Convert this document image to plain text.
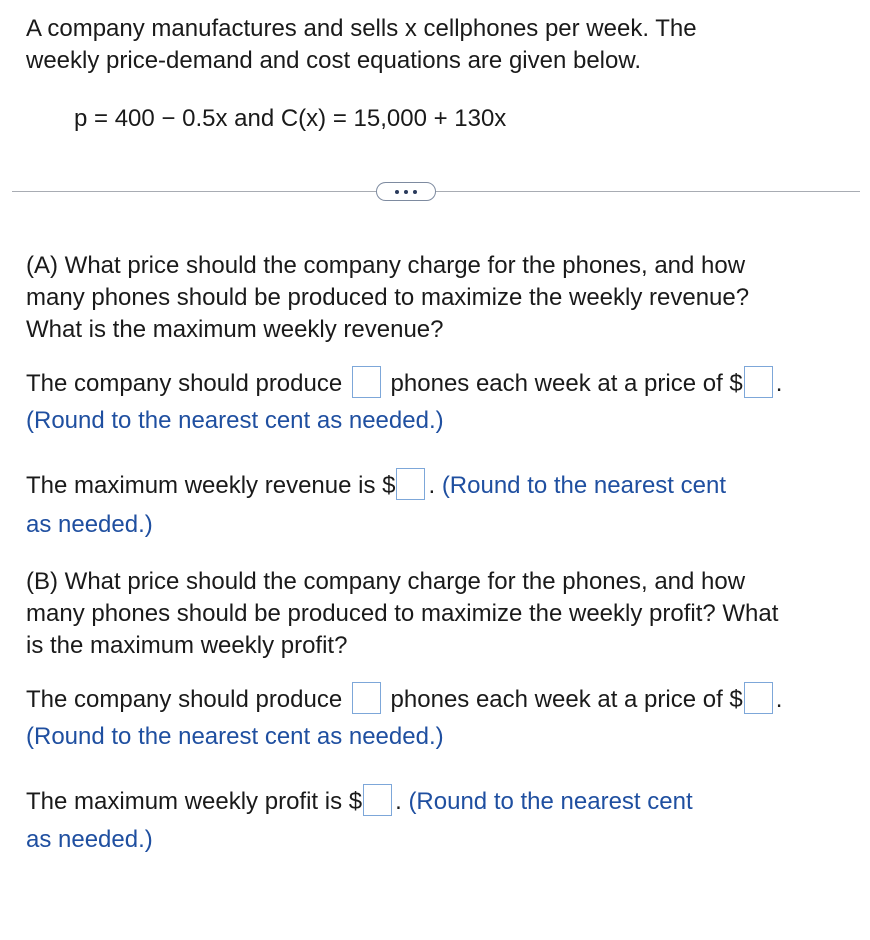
A company manufactures and sells x cellphones per week. The
weekly price-demand and cost equations are given below.
p = 400 − 0.5x and C(x) = 15,000 + 130x
(A) What price should the company charge for the phones, and how
many phones should be produced to maximize the weekly revenue?
What is the maximum weekly revenue?
The company should produce phones each week at a price of $ .
(Round to the nearest cent as needed.)
The maximum weekly revenue is $ . (Round to the nearest cent
as needed.)
(B) What price should the company charge for the phones, and how
many phones should be produced to maximize the weekly profit? What
is the maximum weekly profit?
The company should produce phones each week at a price of $ .
(Round to the nearest cent as needed.)
The maximum weekly profit is $ . (Round to the nearest cent
as needed.)
